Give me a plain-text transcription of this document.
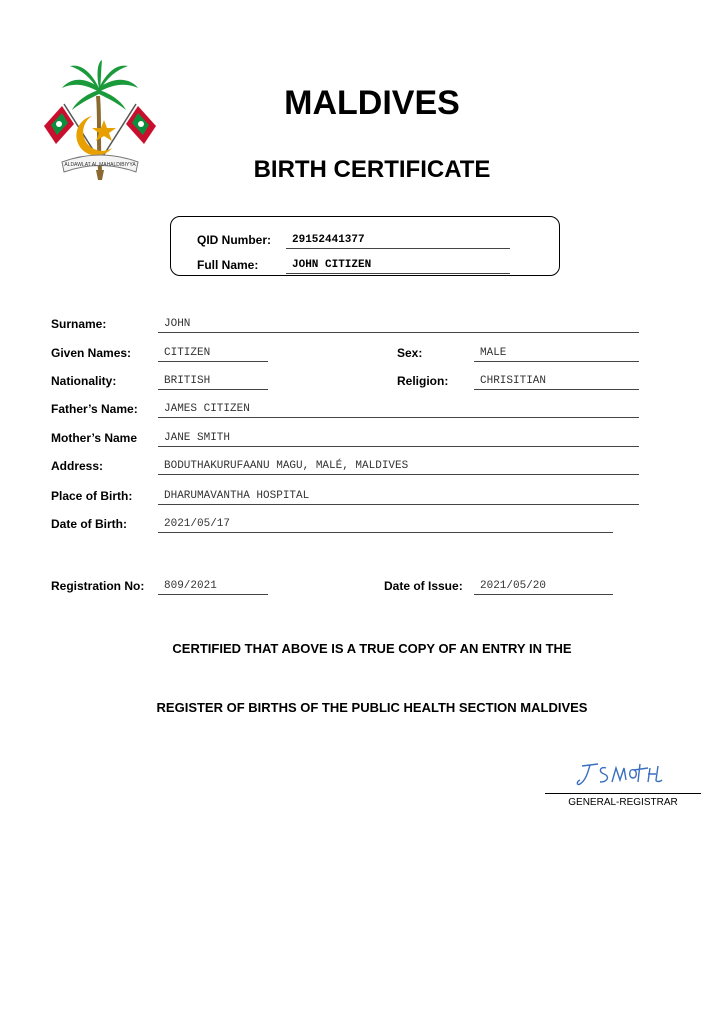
ALDAWLAT AL MAHALDIBIYYA
MALDIVES
BIRTH CERTIFICATE
QID Number:	29152441377
Full Name:	JOHN CITIZEN
Surname:	JOHN
Given Names:	CITIZEN	Sex:	MALE
Nationality:	BRITISH	Religion:	CHRISITIAN
Father’s Name:	JAMES CITIZEN
Mother’s Name	JANE SMITH
Address:	BODUTHAKURUFAANU MAGU, MALÉ, MALDIVES
Place of Birth:	DHARUMAVANTHA HOSPITAL
Date of Birth:	2021/05/17
Registration No:	809/2021	Date of Issue:	2021/05/20
CERTIFIED THAT ABOVE IS A TRUE COPY OF AN ENTRY IN THE
REGISTER OF BIRTHS OF THE PUBLIC HEALTH SECTION MALDIVES
GENERAL-REGISTRAR
